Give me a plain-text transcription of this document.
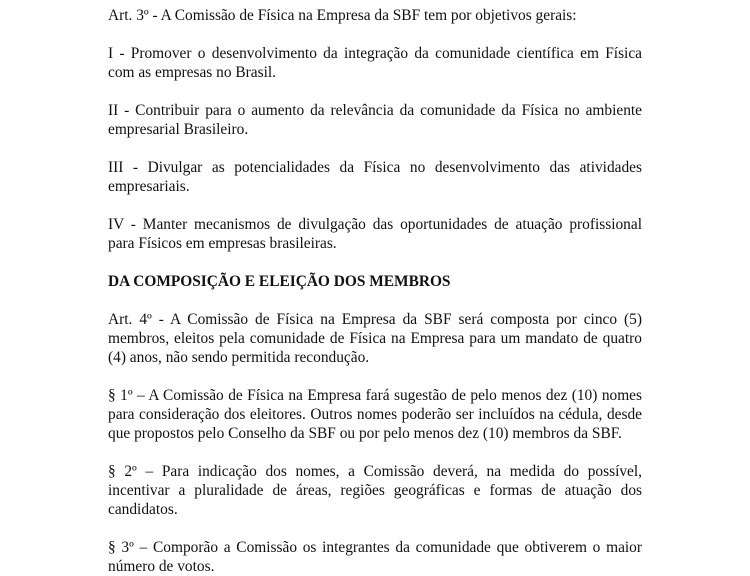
Art. 3º - A Comissão de Física na Empresa da SBF tem por objetivos gerais:

I - Promover o desenvolvimento da integração da comunidade científica em Física com as empresas no Brasil.

II - Contribuir para o aumento da relevância da comunidade da Física no ambiente empresarial Brasileiro.

III - Divulgar as potencialidades da Física no desenvolvimento das atividades empresariais.

IV - Manter mecanismos de divulgação das oportunidades de atuação profissional para Físicos em empresas brasileiras.

DA COMPOSIÇÃO E ELEIÇÃO DOS MEMBROS

Art. 4º - A Comissão de Física na Empresa da SBF será composta por cinco (5) membros, eleitos pela comunidade de Física na Empresa para um mandato de quatro (4) anos, não sendo permitida recondução.

§ 1º – A Comissão de Física na Empresa fará sugestão de pelo menos dez (10) nomes para consideração dos eleitores. Outros nomes poderão ser incluídos na cédula, desde que propostos pelo Conselho da SBF ou por pelo menos dez (10) membros da SBF.

§ 2º – Para indicação dos nomes, a Comissão deverá, na medida do possível, incentivar a pluralidade de áreas, regiões geográficas e formas de atuação dos candidatos.

§ 3º – Comporão a Comissão os integrantes da comunidade que obtiverem o maior número de votos.
